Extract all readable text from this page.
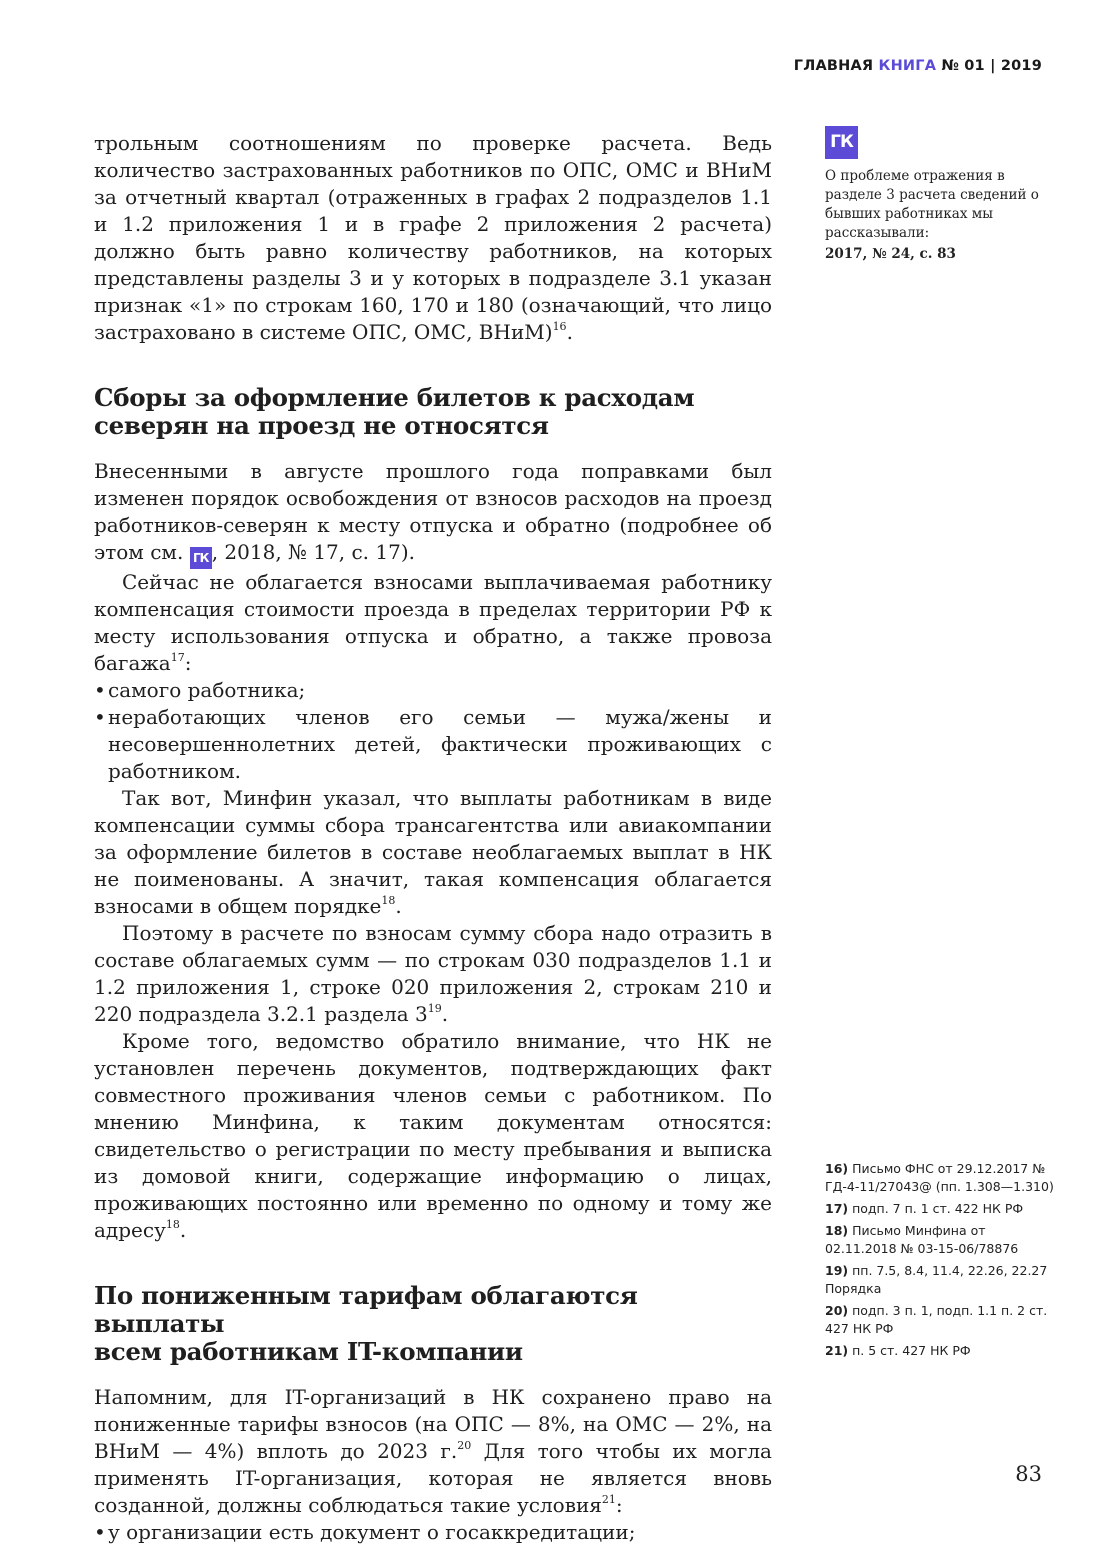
ГЛАВНАЯ КНИГА № 01 | 2019

трольным соотношениям по проверке расчета. Ведь количество застрахованных работников по ОПС, ОМС и ВНиМ за отчетный квартал (отраженных в графах 2 подразделов 1.1 и 1.2 приложения 1 и в графе 2 приложения 2 расчета) должно быть равно количеству работников, на которых представлены разделы 3 и у которых в подразделе 3.1 указан признак «1» по строкам 160, 170 и 180 (означающий, что лицо застраховано в системе ОПС, ОМС, ВНиМ)$^{16}$.

Сборы за оформление билетов к расходам
северян на проезд не относятся

Внесенными в августе прошлого года поправками был изменен порядок освобождения от взносов расходов на проезд работников-северян к месту отпуска и обратно (подробнее об этом см. ГК , 2018, № 17, с. 17).

Сейчас не облагается взносами выплачиваемая работнику компенсация стоимости проезда в пределах территории РФ к месту использования отпуска и обратно, а также провоза багажа$^{17}$:

• самого работника;
• неработающих членов его семьи — мужа/жены и несовершеннолетних детей, фактически проживающих с работником.

Так вот, Минфин указал, что выплаты работникам в виде компенсации суммы сбора трансагентства или авиакомпании за оформление билетов в составе необлагаемых выплат в НК не поименованы. А значит, такая компенсация облагается взносами в общем порядке$^{18}$.

Поэтому в расчете по взносам сумму сбора надо отразить в составе облагаемых сумм — по строкам 030 подразделов 1.1 и 1.2 приложения 1, строке 020 приложения 2, строкам 210 и 220 подраздела 3.2.1 раздела $3^{19}$.

Кроме того, ведомство обратило внимание, что НК не установлен перечень документов, подтверждающих факт совместного проживания членов семьи с работником. По мнению Минфина, к таким документам относятся: свидетельство о регистрации по месту пребывания и выписка из домовой книги, содержащие информацию о лицах, проживающих постоянно или временно по одному и тому же адресу$^{18}$.

По пониженным тарифам облагаются выплаты
всем работникам IT-компании

Напомним, для IT-организаций в НК сохранено право на пониженные тарифы взносов (на ОПС — 8%, на ОМС — 2%, на ВНиМ — 4%) вплоть до 2023 г.$^{20}$ Для того чтобы их могла применять IT-организация, которая не является вновь созданной, должны соблюдаться такие условия$^{21}$:

• у организации есть документ о госаккредитации;
ГК

О проблеме отражения в разделе 3 расчета сведений о бывших работниках мы рассказывали:

2017, № 24, с. 83
16) Письмо ФНС от 29.12.2017 № ГД-4-11/27043@ (пп. 1.308—1.310)
17) подп. 7 п. 1 ст. 422 НК РФ
18) Письмо Минфина от 02.11.2018 № 03-15-06/78876
19) пп. 7.5, 8.4, 11.4, 22.26, 22.27 Порядка
20) подп. 3 п. 1, подп. 1.1 п. 2 ст. 427 НК РФ
21) п. 5 ст. 427 НК РФ
83
